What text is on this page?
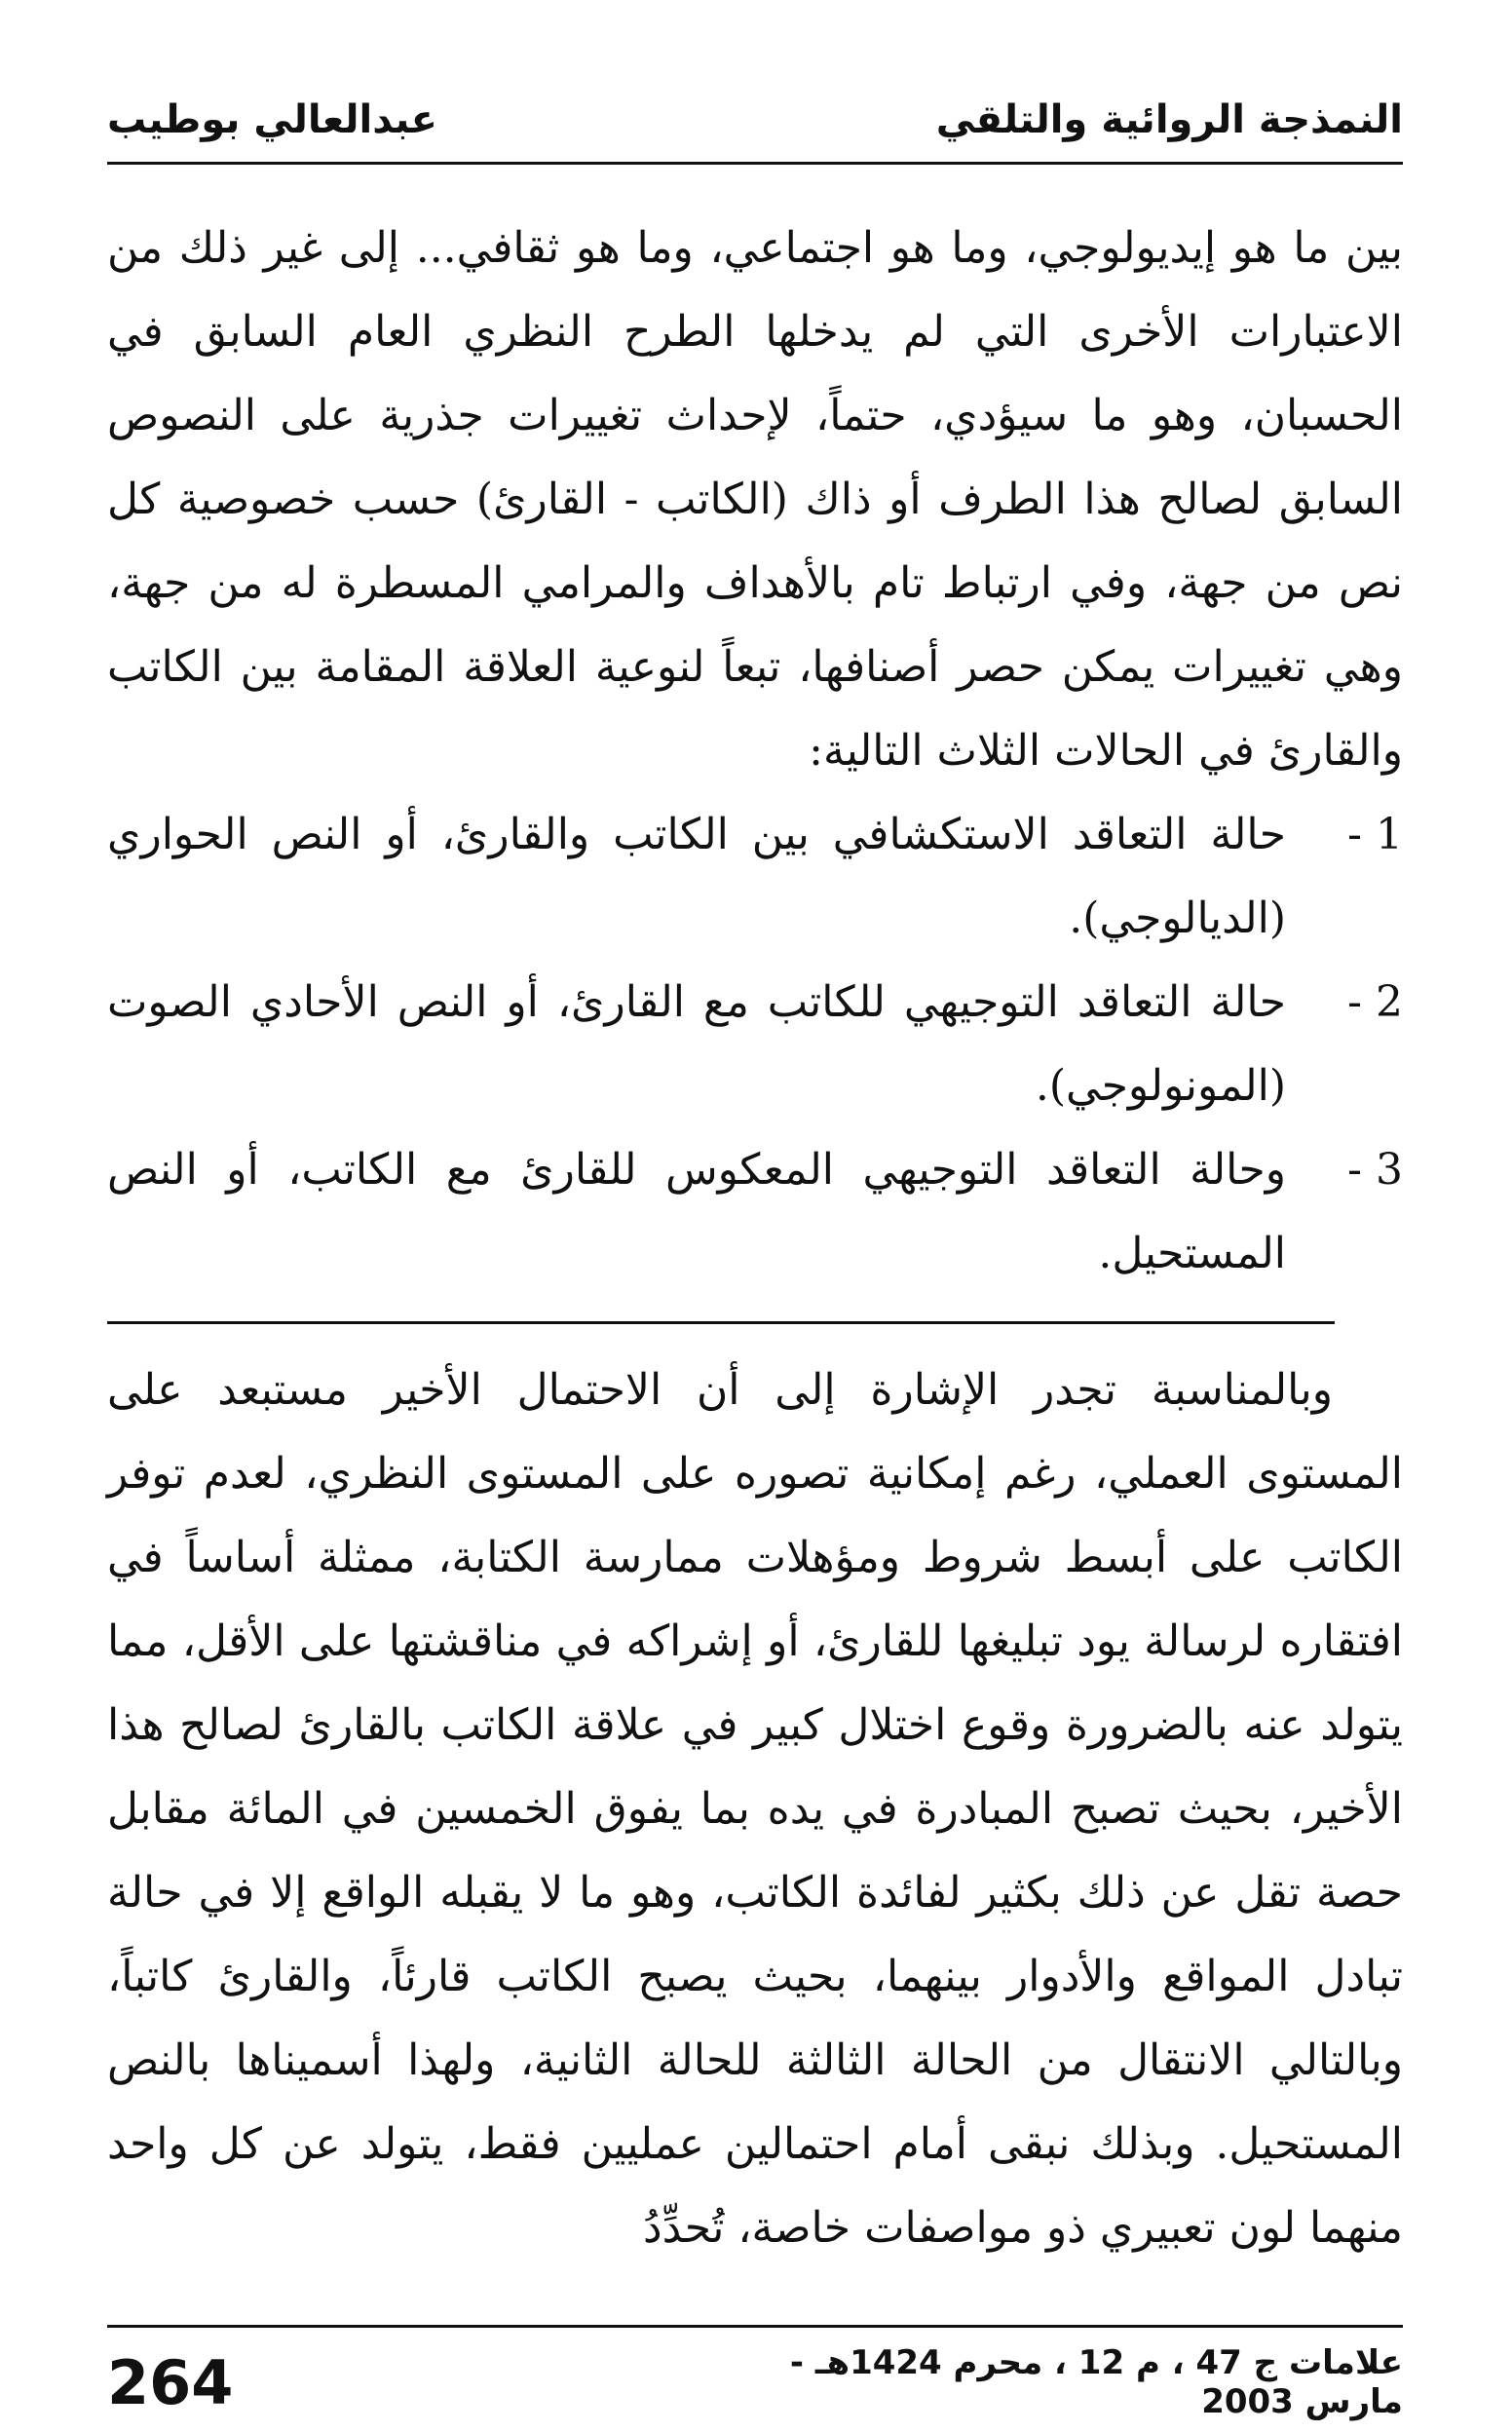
النمذجة الروائية والتلقي
عبدالعالي بوطيب

بين ما هو إيديولوجي، وما هو اجتماعي، وما هو ثقافي... إلى غير ذلك من الاعتبارات الأخرى التي لم يدخلها الطرح النظري العام السابق في الحسبان، وهو ما سيؤدي، حتماً، لإحداث تغييرات جذرية على النصوص السابق لصالح هذا الطرف أو ذاك (الكاتب - القارئ) حسب خصوصية كل نص من جهة، وفي ارتباط تام بالأهداف والمرامي المسطرة له من جهة، وهي تغييرات يمكن حصر أصنافها، تبعاً لنوعية العلاقة المقامة بين الكاتب والقارئ في الحالات الثلاث التالية:

1 -
حالة التعاقد الاستكشافي بين الكاتب والقارئ، أو النص الحواري (الديالوجي).
2 -
حالة التعاقد التوجيهي للكاتب مع القارئ، أو النص الأحادي الصوت (المونولوجي).
3 -
وحالة التعاقد التوجيهي المعكوس للقارئ مع الكاتب، أو النص المستحيل.

وبالمناسبة تجدر الإشارة إلى أن الاحتمال الأخير مستبعد على المستوى العملي، رغم إمكانية تصوره على المستوى النظري، لعدم توفر الكاتب على أبسط شروط ومؤهلات ممارسة الكتابة، ممثلة أساساً في افتقاره لرسالة يود تبليغها للقارئ، أو إشراكه في مناقشتها على الأقل، مما يتولد عنه بالضرورة وقوع اختلال كبير في علاقة الكاتب بالقارئ لصالح هذا الأخير، بحيث تصبح المبادرة في يده بما يفوق الخمسين في المائة مقابل حصة تقل عن ذلك بكثير لفائدة الكاتب، وهو ما لا يقبله الواقع إلا في حالة تبادل المواقع والأدوار بينهما، بحيث يصبح الكاتب قارئاً، والقارئ كاتباً، وبالتالي الانتقال من الحالة الثالثة للحالة الثانية، ولهذا أسميناها بالنص المستحيل. وبذلك نبقى أمام احتمالين عمليين فقط، يتولد عن كل واحد منهما لون تعبيري ذو مواصفات خاصة، تُحدِّدُ

علامات ج 47 ، م 12 ، محرم 1424هـ - مارس 2003
264
